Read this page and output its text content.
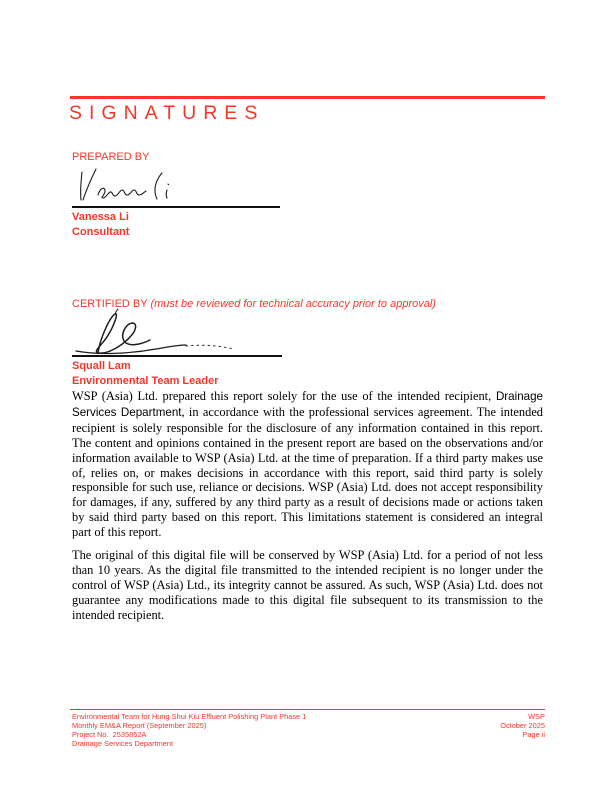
SIGNATURES
PREPARED BY
Vanessa Li
Consultant
CERTIFIED BY (must be reviewed for technical accuracy prior to approval)
Squall Lam
Environmental Team Leader

WSP (Asia) Ltd. prepared this report solely for the use of the intended recipient, Drainage Services Department, in accordance with the professional services agreement. The intended recipient is solely responsible for the disclosure of any information contained in this report. The content and opinions contained in the present report are based on the observations and/or information available to WSP (Asia) Ltd. at the time of preparation. If a third party makes use of, relies on, or makes decisions in accordance with this report, said third party is solely responsible for such use, reliance or decisions. WSP (Asia) Ltd. does not accept responsibility for damages, if any, suffered by any third party as a result of decisions made or actions taken by said third party based on this report. This limitations statement is considered an integral part of this report.

The original of this digital file will be conserved by WSP (Asia) Ltd. for a period of not less than 10 years. As the digital file transmitted to the intended recipient is no longer under the control of WSP (Asia) Ltd., its integrity cannot be assured. As such, WSP (Asia) Ltd. does not guarantee any modifications made to this digital file subsequent to its transmission to the intended recipient.

Environmental Team for Hung Shui Kiu Effluent Polishing Plant Phase 1
Monthly EM&A Report (September 2025)
Project No.  2535852A
Drainage Services Department
WSP
October 2025
Page ii
